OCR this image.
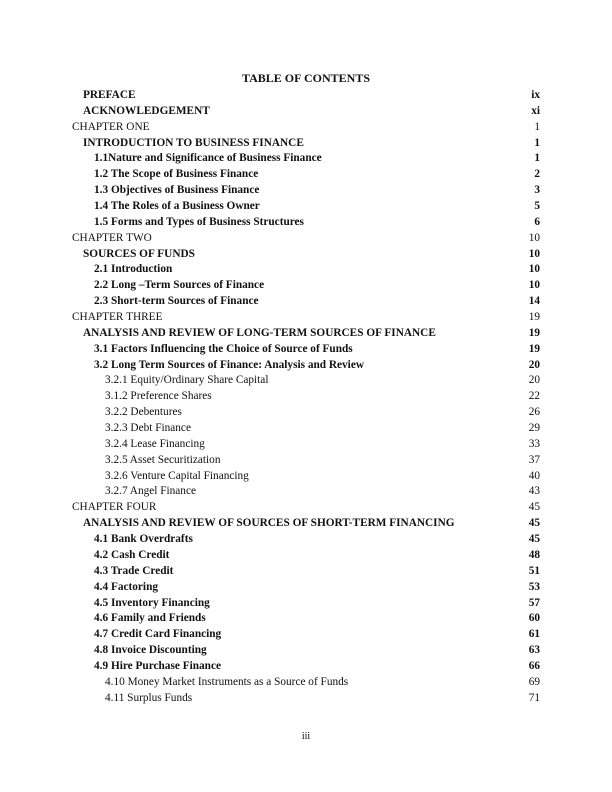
TABLE OF CONTENTS
PREFACE	ix
ACKNOWLEDGEMENT	xi
CHAPTER ONE	1
INTRODUCTION TO BUSINESS FINANCE	1
1.1Nature and Significance of Business Finance	1
1.2 The Scope of Business Finance	2
1.3 Objectives of Business Finance	3
1.4 The Roles of a Business Owner	5
1.5 Forms and Types of Business Structures	6
CHAPTER TWO	10
SOURCES OF FUNDS	10
2.1 Introduction	10
2.2 Long –Term Sources of Finance	10
2.3 Short-term Sources of Finance	14
CHAPTER THREE	19
ANALYSIS AND REVIEW OF LONG-TERM SOURCES OF FINANCE	19
3.1 Factors Influencing the Choice of Source of Funds	19
3.2 Long Term Sources of Finance: Analysis and Review	20
3.2.1 Equity/Ordinary Share Capital	20
3.1.2 Preference Shares	22
3.2.2 Debentures	26
3.2.3 Debt Finance	29
3.2.4 Lease Financing	33
3.2.5 Asset Securitization	37
3.2.6 Venture Capital Financing	40
3.2.7 Angel Finance	43
CHAPTER FOUR	45
ANALYSIS AND REVIEW OF SOURCES OF SHORT-TERM FINANCING	45
4.1 Bank Overdrafts	45
4.2 Cash Credit	48
4.3 Trade Credit	51
4.4 Factoring	53
4.5 Inventory Financing	57
4.6 Family and Friends	60
4.7 Credit Card Financing	61
4.8 Invoice Discounting	63
4.9 Hire Purchase Finance	66
4.10 Money Market Instruments as a Source of Funds	69
4.11 Surplus Funds	71
iii
